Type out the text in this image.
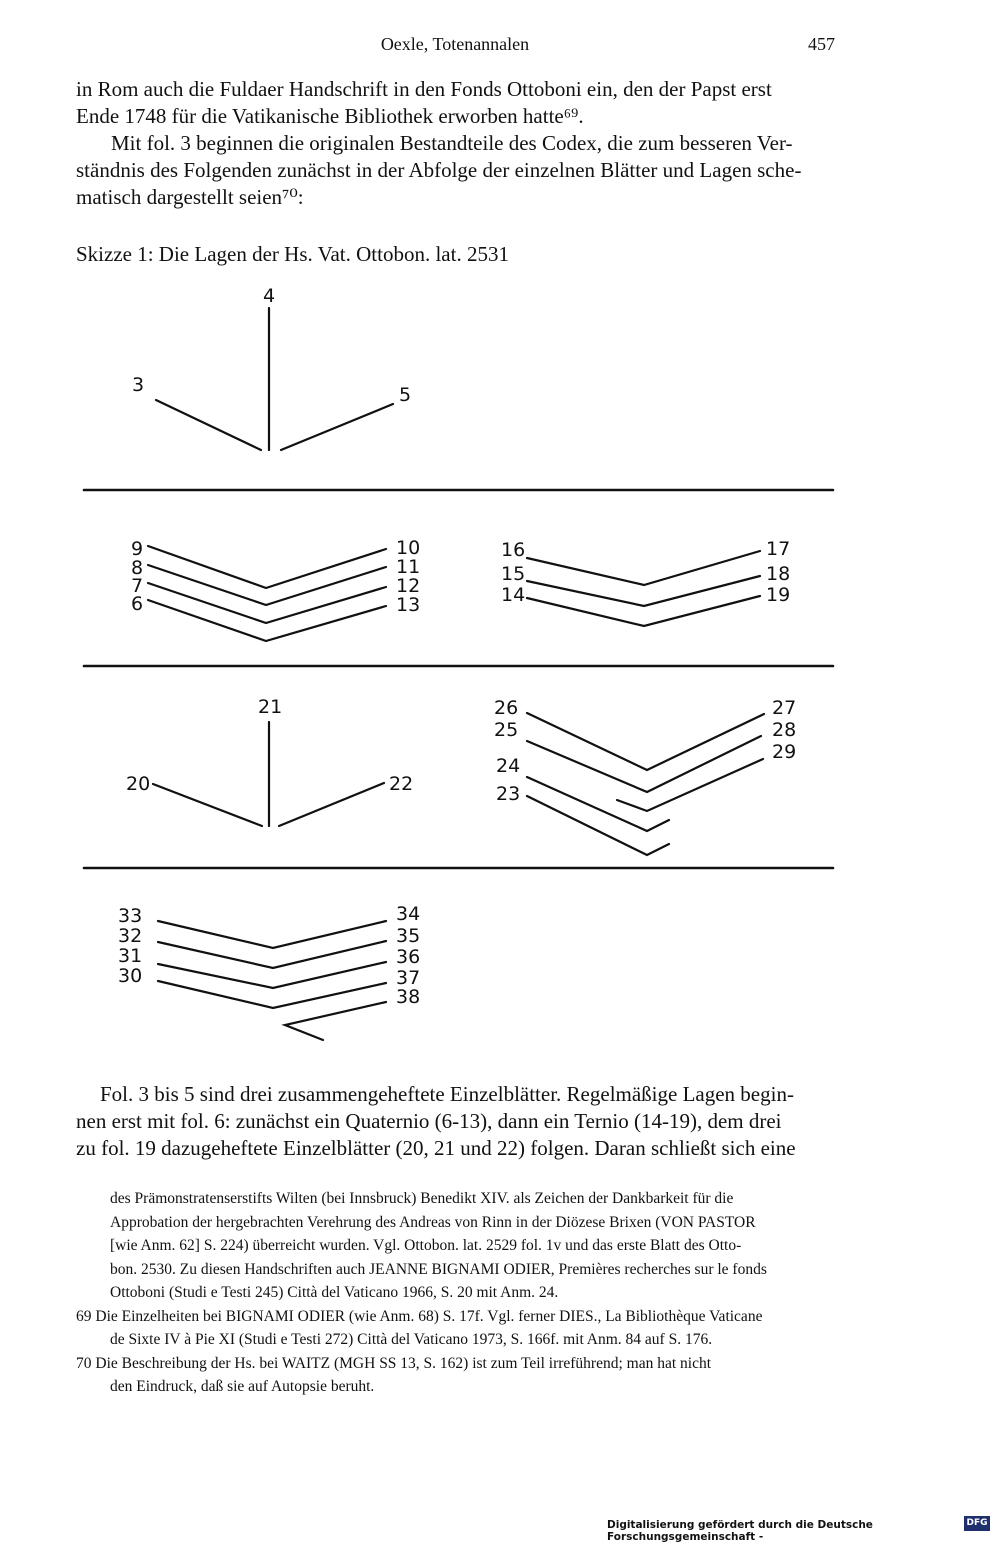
Oexle, Totenannalen	457
in Rom auch die Fuldaer Handschrift in den Fonds Ottoboni ein, den der Papst erst
Ende 1748 für die Vatikanische Bibliothek erworben hatte⁶⁹.
Mit fol. 3 beginnen die originalen Bestandteile des Codex, die zum besseren Ver-
ständnis des Folgenden zunächst in der Abfolge der einzelnen Blätter und Lagen sche-
matisch dargestellt seien⁷⁰:
Skizze 1: Die Lagen der Hs. Vat. Ottobon. lat. 2531
4
3	5
9
8
7
6
10
11
12
13
16
15
14
17
18
19
21
20	22
26
25
24
23
27
28
29
33
32
31
30
34
35
36
37
38
Fol. 3 bis 5 sind drei zusammengeheftete Einzelblätter. Regelmäßige Lagen begin-
nen erst mit fol. 6: zunächst ein Quaternio (6-13), dann ein Ternio (14-19), dem drei
zu fol. 19 dazugeheftete Einzelblätter (20, 21 und 22) folgen. Daran schließt sich eine
des Prämonstratenserstifts Wilten (bei Innsbruck) Benedikt XIV. als Zeichen der Dankbarkeit für die
Approbation der hergebrachten Verehrung des Andreas von Rinn in der Diözese Brixen (VON PASTOR
[wie Anm. 62] S. 224) überreicht wurden. Vgl. Ottobon. lat. 2529 fol. 1v und das erste Blatt des Otto-
bon. 2530. Zu diesen Handschriften auch JEANNE BIGNAMI ODIER, Premières recherches sur le fonds
Ottoboni (Studi e Testi 245) Città del Vaticano 1966, S. 20 mit Anm. 24.
69 Die Einzelheiten bei BIGNAMI ODIER (wie Anm. 68) S. 17f. Vgl. ferner DIES., La Bibliothèque Vaticane
de Sixte IV à Pie XI (Studi e Testi 272) Città del Vaticano 1973, S. 166f. mit Anm. 84 auf S. 176.
70 Die Beschreibung der Hs. bei WAITZ (MGH SS 13, S. 162) ist zum Teil irreführend; man hat nicht
den Eindruck, daß sie auf Autopsie beruht.
Digitalisierung gefördert durch die Deutsche Forschungsgemeinschaft -
DFG
